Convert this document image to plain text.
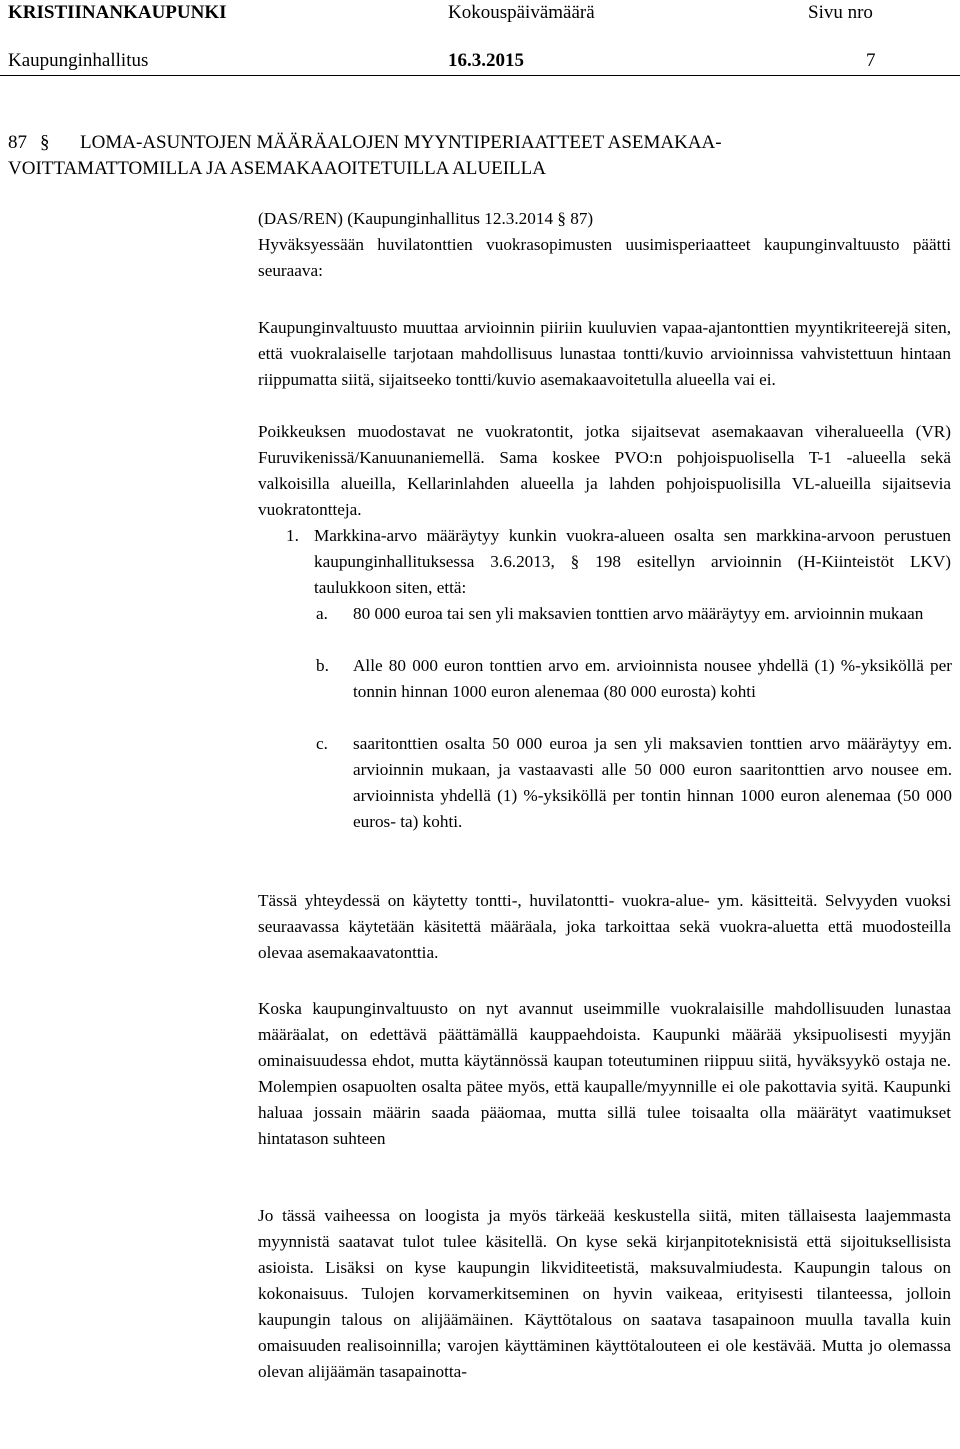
KRISTIINANKAUPUNKI	Kokouspäivämäärä	Sivu nro
Kaupunginhallitus	16.3.2015	7
87 § LOMA-ASUNTOJEN MÄÄRÄALOJEN MYYNTIPERIAATTEET ASEMAKAA-
VOITTAMATTOMILLA JA ASEMAKAAOITETUILLA ALUEILLA
(DAS/REN) (Kaupunginhallitus 12.3.2014 § 87)

Hyväksyessään huvilatonttien vuokrasopimusten uusimisperiaatteet kaupunginvaltuusto päätti seuraava:

Kaupunginvaltuusto muuttaa arvioinnin piiriin kuuluvien vapaa-ajantonttien myyntikriteerejä siten, että vuokralaiselle tarjotaan mahdollisuus lunastaa tontti/kuvio arvioinnissa vahvistettuun hintaan riippumatta siitä, sijaitseeko tontti/kuvio asemakaavoitetulla alueella vai ei.

Poikkeuksen muodostavat ne vuokratontit, jotka sijaitsevat asemakaavan viheralueella (VR) Furuvikenissä/Kanuunaniemellä. Sama koskee PVO:n pohjoispuolisella T-1 -alueella sekä valkoisilla alueilla, Kellarinlahden alueella ja lahden pohjoispuolisilla VL-alueilla sijaitsevia vuokratontteja.

1. Markkina-arvo määräytyy kunkin vuokra-alueen osalta sen markkina-arvoon perustuen kaupunginhallituksessa 3.6.2013, § 198 esitellyn arvioinnin (H-Kiinteistöt LKV) taulukkoon siten, että:

a. 80 000 euroa tai sen yli maksavien tonttien arvo määräytyy em. arvioinnin mukaan

b. Alle 80 000 euron tonttien arvo em. arvioinnista nousee yhdellä (1) %-yksiköllä per tonnin hinnan 1000 euron alenemaa (80 000 eurosta) kohti

c. saaritonttien osalta 50 000 euroa ja sen yli maksavien tonttien arvo määräytyy em. arvioinnin mukaan, ja vastaavasti alle 50 000 euron saaritonttien arvo nousee em. arvioinnista yhdellä (1) %-yksiköllä per tontin hinnan 1000 euron alenemaa (50 000 euros- ta) kohti.

Tässä yhteydessä on käytetty tontti-, huvilatontti- vuokra-alue- ym. käsitteitä. Selvyyden vuoksi seuraavassa käytetään käsitettä määräala, joka tarkoittaa sekä vuokra-aluetta että muodosteilla olevaa asemakaavatonttia.

Koska kaupunginvaltuusto on nyt avannut useimmille vuokralaisille mahdollisuuden lunastaa määräalat, on edettävä päättämällä kauppaehdoista. Kaupunki määrää yksipuolisesti myyjän ominaisuudessa ehdot, mutta käytännössä kaupan toteutuminen riippuu siitä, hyväksyykö ostaja ne. Molempien osapuolten osalta pätee myös, että kaupalle/myynnille ei ole pakottavia syitä. Kaupunki haluaa jossain määrin saada pääomaa, mutta sillä tulee toisaalta olla määrätyt vaatimukset hintatason suhteen

Jo tässä vaiheessa on loogista ja myös tärkeää keskustella siitä, miten tällaisesta laajemmasta myynnistä saatavat tulot tulee käsitellä. On kyse sekä kirjanpitoteknisistä että sijoituksellisista asioista. Lisäksi on kyse kaupungin likviditeetistä, maksuvalmiudesta. Kaupungin talous on kokonaisuus. Tulojen korvamerkitseminen on hyvin vaikeaa, erityisesti tilanteessa, jolloin kaupungin talous on alijäämäinen. Käyttötalous on saatava tasapainoon muulla tavalla kuin omaisuuden realisoinnilla; varojen käyttäminen käyttötalouteen ei ole kestävää. Mutta jo olemassa olevan alijäämän tasapainotta-
